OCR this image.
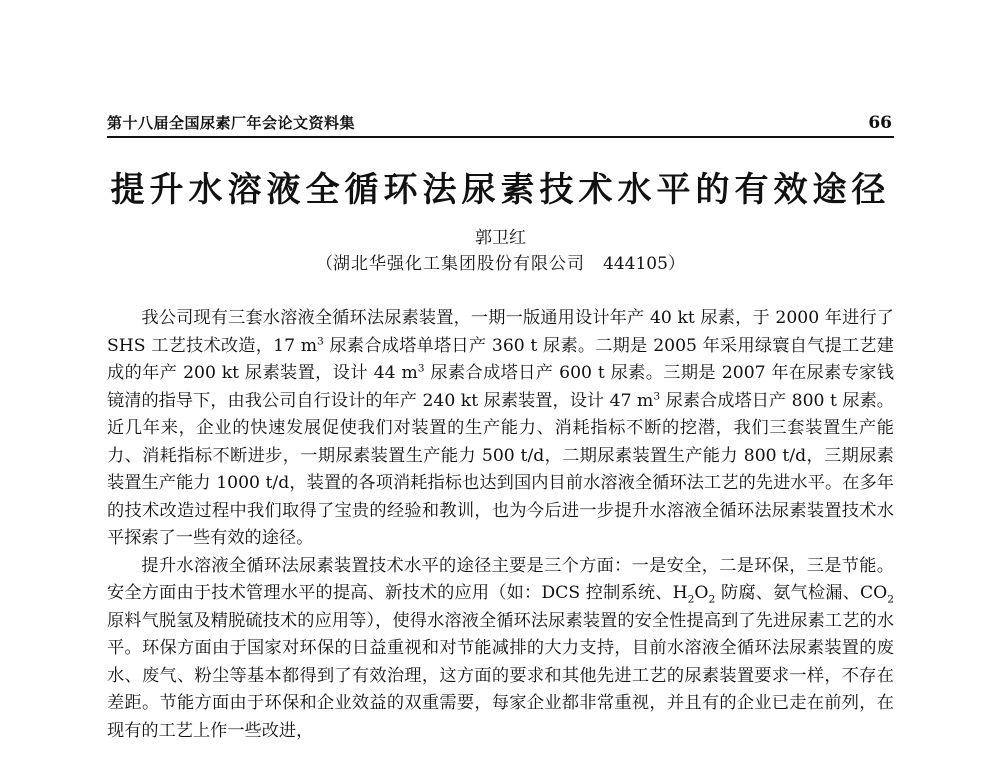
第十八届全国尿素厂年会论文资料集	66
提升水溶液全循环法尿素技术水平的有效途径
郭卫红
（湖北华强化工集团股份有限公司 444105）

我公司现有三套水溶液全循环法尿素装置，一期一版通用设计年产 40 kt 尿素，于 2000 年进行了 SHS 工艺技术改造，17 $m^3$ 尿素合成塔单塔日产 360 t 尿素。二期是 2005 年采用绿寰自气提工艺建成的年产 200 kt 尿素装置，设计 44 $m^3$ 尿素合成塔日产 600 t 尿素。三期是 2007 年在尿素专家钱镜清的指导下，由我公司自行设计的年产 240 kt 尿素装置，设计 47 $m^3$ 尿素合成塔日产 800 t 尿素。近几年来，企业的快速发展促使我们对装置的生产能力、消耗指标不断的挖潜，我们三套装置生产能力、消耗指标不断进步，一期尿素装置生产能力 500 t/d，二期尿素装置生产能力 800 t/d，三期尿素装置生产能力 1000 t/d，装置的各项消耗指标也达到国内目前水溶液全循环法工艺的先进水平。在多年的技术改造过程中我们取得了宝贵的经验和教训，也为今后进一步提升水溶液全循环法尿素装置技术水平探索了一些有效的途径。

提升水溶液全循环法尿素装置技术水平的途径主要是三个方面：一是安全，二是环保，三是节能。安全方面由于技术管理水平的提高、新技术的应用（如：DCS 控制系统、$H_2O_2$ 防腐、氨气检漏、$CO_2$ 原料气脱氢及精脱硫技术的应用等），使得水溶液全循环法尿素装置的安全性提高到了先进尿素工艺的水平。环保方面由于国家对环保的日益重视和对节能减排的大力支持，目前水溶液全循环法尿素装置的废水、废气、粉尘等基本都得到了有效治理，这方面的要求和其他先进工艺的尿素装置要求一样，不存在差距。节能方面由于环保和企业效益的双重需要，每家企业都非常重视，并且有的企业已走在前列，在现有的工艺上作一些改进，
